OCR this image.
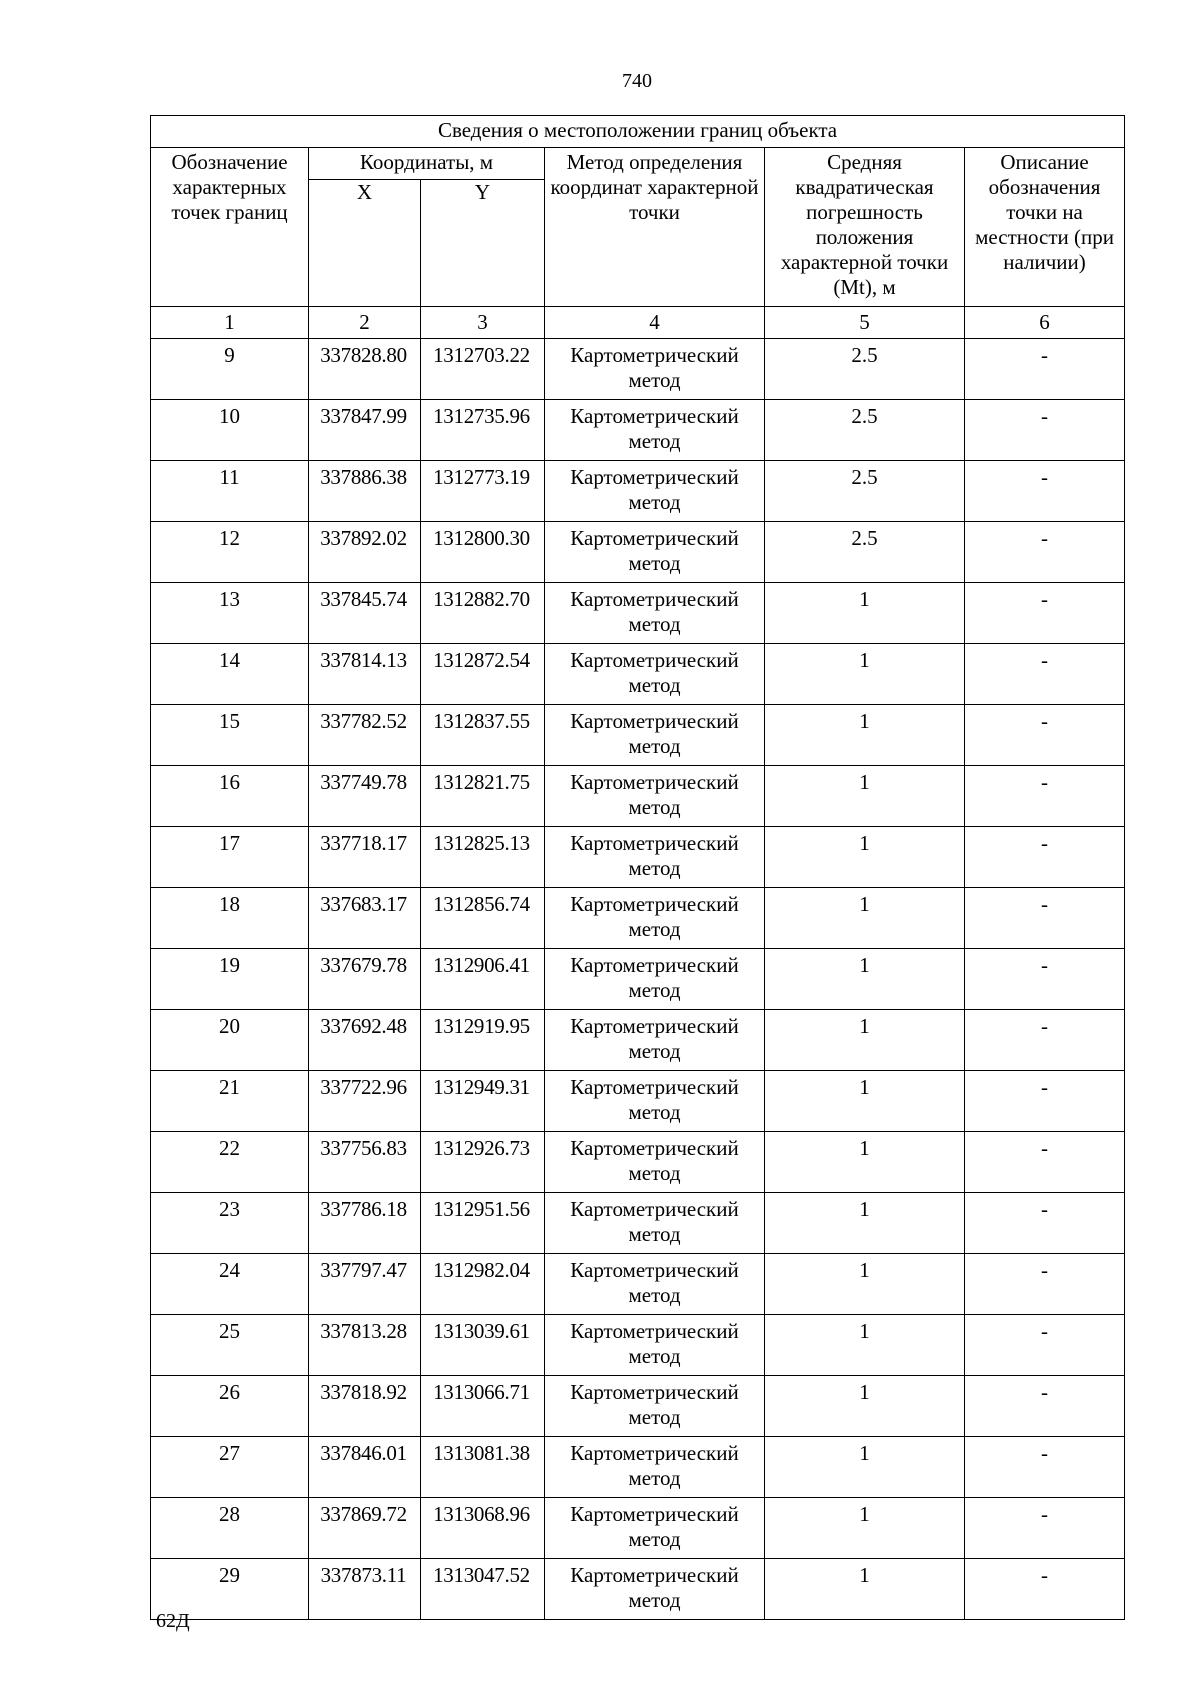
740
Сведения о местоположении границ объекта					
Обозначение характерных точек границ	Координаты, м		Метод определения координат характерной точки	Средняя квадратическая погрешность положения характерной точки (Mt), м	Описание обозначения точки на местности (при наличии)
	X	Y			
1	2	3	4	5	6
9	337828.80	1312703.22	Картометрический метод	2.5	-
10	337847.99	1312735.96	Картометрический метод	2.5	-
11	337886.38	1312773.19	Картометрический метод	2.5	-
12	337892.02	1312800.30	Картометрический метод	2.5	-
13	337845.74	1312882.70	Картометрический метод	1	-
14	337814.13	1312872.54	Картометрический метод	1	-
15	337782.52	1312837.55	Картометрический метод	1	-
16	337749.78	1312821.75	Картометрический метод	1	-
17	337718.17	1312825.13	Картометрический метод	1	-
18	337683.17	1312856.74	Картометрический метод	1	-
19	337679.78	1312906.41	Картометрический метод	1	-
20	337692.48	1312919.95	Картометрический метод	1	-
21	337722.96	1312949.31	Картометрический метод	1	-
22	337756.83	1312926.73	Картометрический метод	1	-
23	337786.18	1312951.56	Картометрический метод	1	-
24	337797.47	1312982.04	Картометрический метод	1	-
25	337813.28	1313039.61	Картометрический метод	1	-
26	337818.92	1313066.71	Картометрический метод	1	-
27	337846.01	1313081.38	Картометрический метод	1	-
28	337869.72	1313068.96	Картометрический метод	1	-
29	337873.11	1313047.52	Картометрический метод	1	-
62Д
